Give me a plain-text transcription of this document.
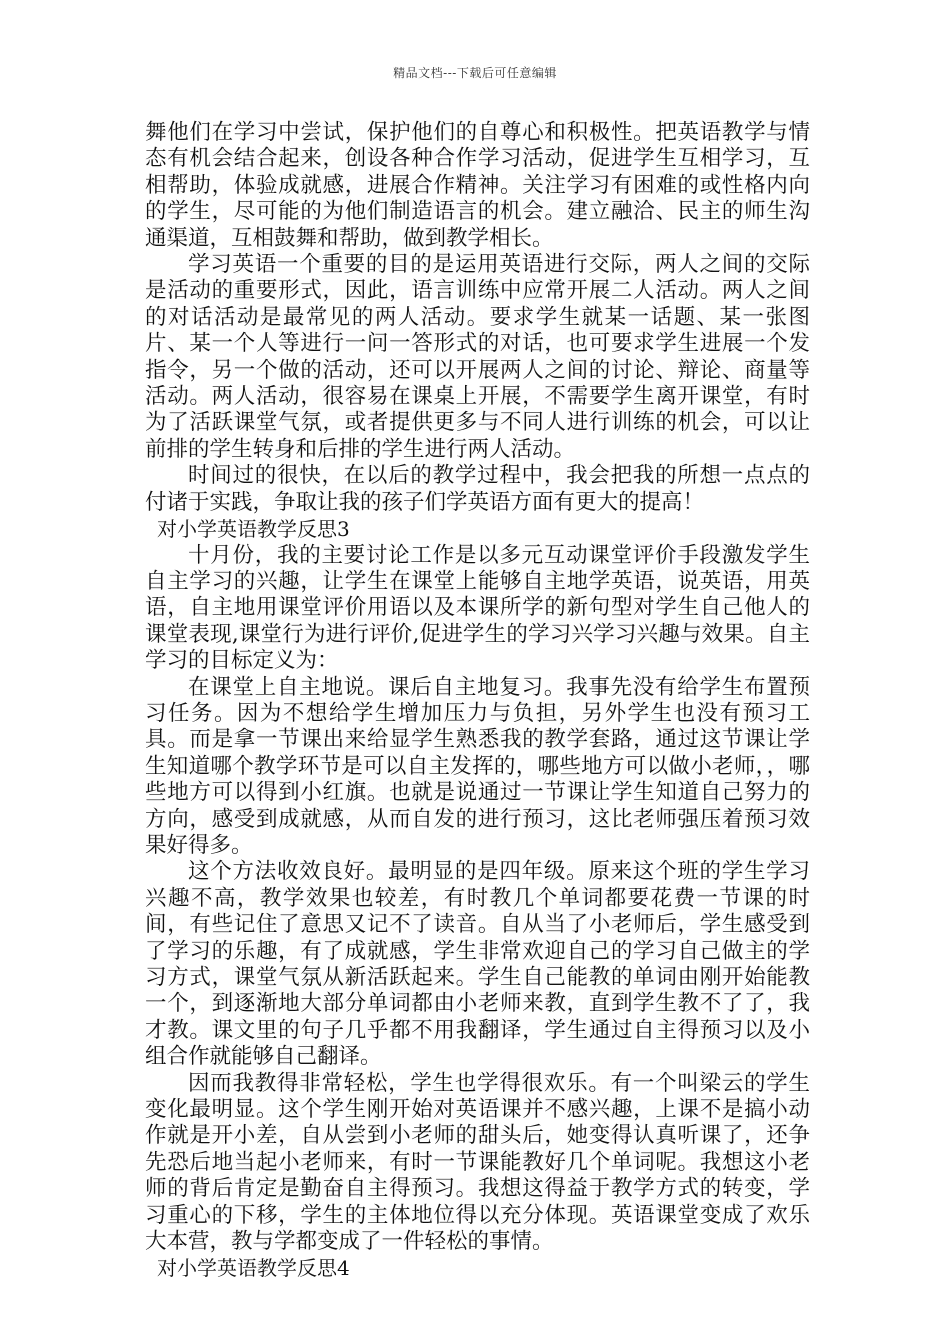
精品文档---下载后可任意编辑

舞他们在学习中尝试，保护他们的自尊心和积极性。把英语教学与情态有机会结合起来，创设各种合作学习活动，促进学生互相学习，互相帮助，体验成就感，进展合作精神。关注学习有困难的或性格内向的学生，尽可能的为他们制造语言的机会。建立融洽、民主的师生沟通渠道，互相鼓舞和帮助，做到教学相长。

学习英语一个重要的目的是运用英语进行交际，两人之间的交际是活动的重要形式，因此，语言训练中应常开展二人活动。两人之间的对话活动是最常见的两人活动。要求学生就某一话题、某一张图片、某一个人等进行一问一答形式的对话，也可要求学生进展一个发指令，另一个做的活动，还可以开展两人之间的讨论、辩论、商量等活动。两人活动，很容易在课桌上开展，不需要学生离开课堂，有时为了活跃课堂气氛，或者提供更多与不同人进行训练的机会，可以让前排的学生转身和后排的学生进行两人活动。

时间过的很快，在以后的教学过程中，我会把我的所想一点点的付诸于实践，争取让我的孩子们学英语方面有更大的提高！

对小学英语教学反思3

十月份，我的主要讨论工作是以多元互动课堂评价手段激发学生自主学习的兴趣，让学生在课堂上能够自主地学英语，说英语，用英语，自主地用课堂评价用语以及本课所学的新句型对学生自己他人的课堂表现,课堂行为进行评价,促进学生的学习兴学习兴趣与效果。自主学习的目标定义为：

在课堂上自主地说。课后自主地复习。我事先没有给学生布置预习任务。因为不想给学生增加压力与负担，另外学生也没有预习工具。而是拿一节课出来给显学生熟悉我的教学套路，通过这节课让学生知道哪个教学环节是可以自主发挥的，哪些地方可以做小老师，，哪些地方可以得到小红旗。也就是说通过一节课让学生知道自己努力的方向，感受到成就感，从而自发的进行预习，这比老师强压着预习效果好得多。

这个方法收效良好。最明显的是四年级。原来这个班的学生学习兴趣不高，教学效果也较差，有时教几个单词都要花费一节课的时间，有些记住了意思又记不了读音。自从当了小老师后，学生感受到了学习的乐趣，有了成就感，学生非常欢迎自己的学习自己做主的学习方式，课堂气氛从新活跃起来。学生自己能教的单词由刚开始能教一个，到逐渐地大部分单词都由小老师来教，直到学生教不了了，我才教。课文里的句子几乎都不用我翻译，学生通过自主得预习以及小组合作就能够自己翻译。

因而我教得非常轻松，学生也学得很欢乐。有一个叫梁云的学生变化最明显。这个学生刚开始对英语课并不感兴趣，上课不是搞小动作就是开小差，自从尝到小老师的甜头后，她变得认真听课了，还争先恐后地当起小老师来，有时一节课能教好几个单词呢。我想这小老师的背后肯定是勤奋自主得预习。我想这得益于教学方式的转变，学习重心的下移，学生的主体地位得以充分体现。英语课堂变成了欢乐大本营，教与学都变成了一件轻松的事情。

对小学英语教学反思4
